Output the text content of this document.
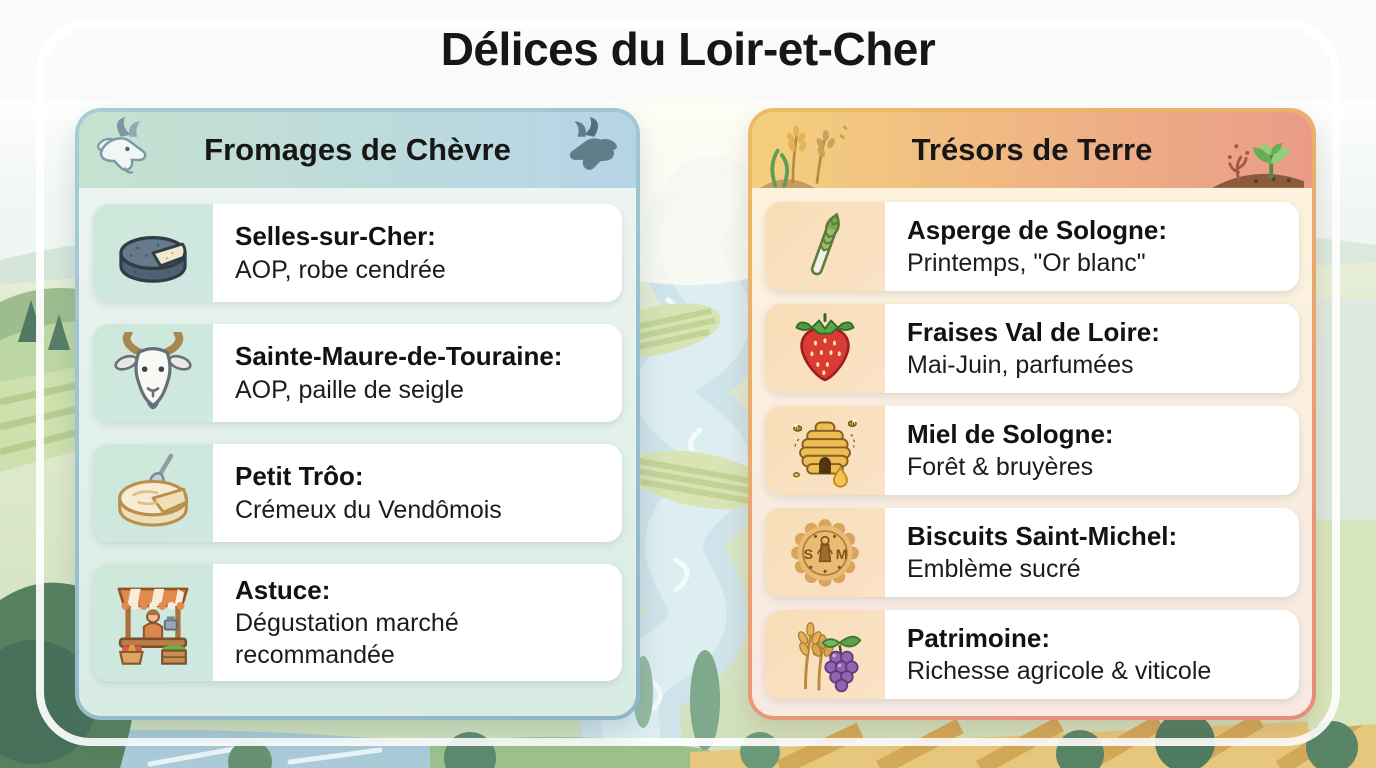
Délices du Loir-et-Cher
Fromages de Chèvre
Selles-sur-Cher:
AOP, robe cendrée
Sainte-Maure-de-Touraine:
AOP, paille de seigle
Petit Trôo:
Crémeux du Vendômois
Astuce:
Dégustation marché recommandée
Trésors de Terre
Asperge de Sologne:
Printemps, "Or blanc"
Fraises Val de Loire:
Mai-Juin, parfumées
Miel de Sologne:
Forêt & bruyères
S M
Biscuits Saint-Michel:
Emblème sucré
Patrimoine:
Richesse agricole & viticole
